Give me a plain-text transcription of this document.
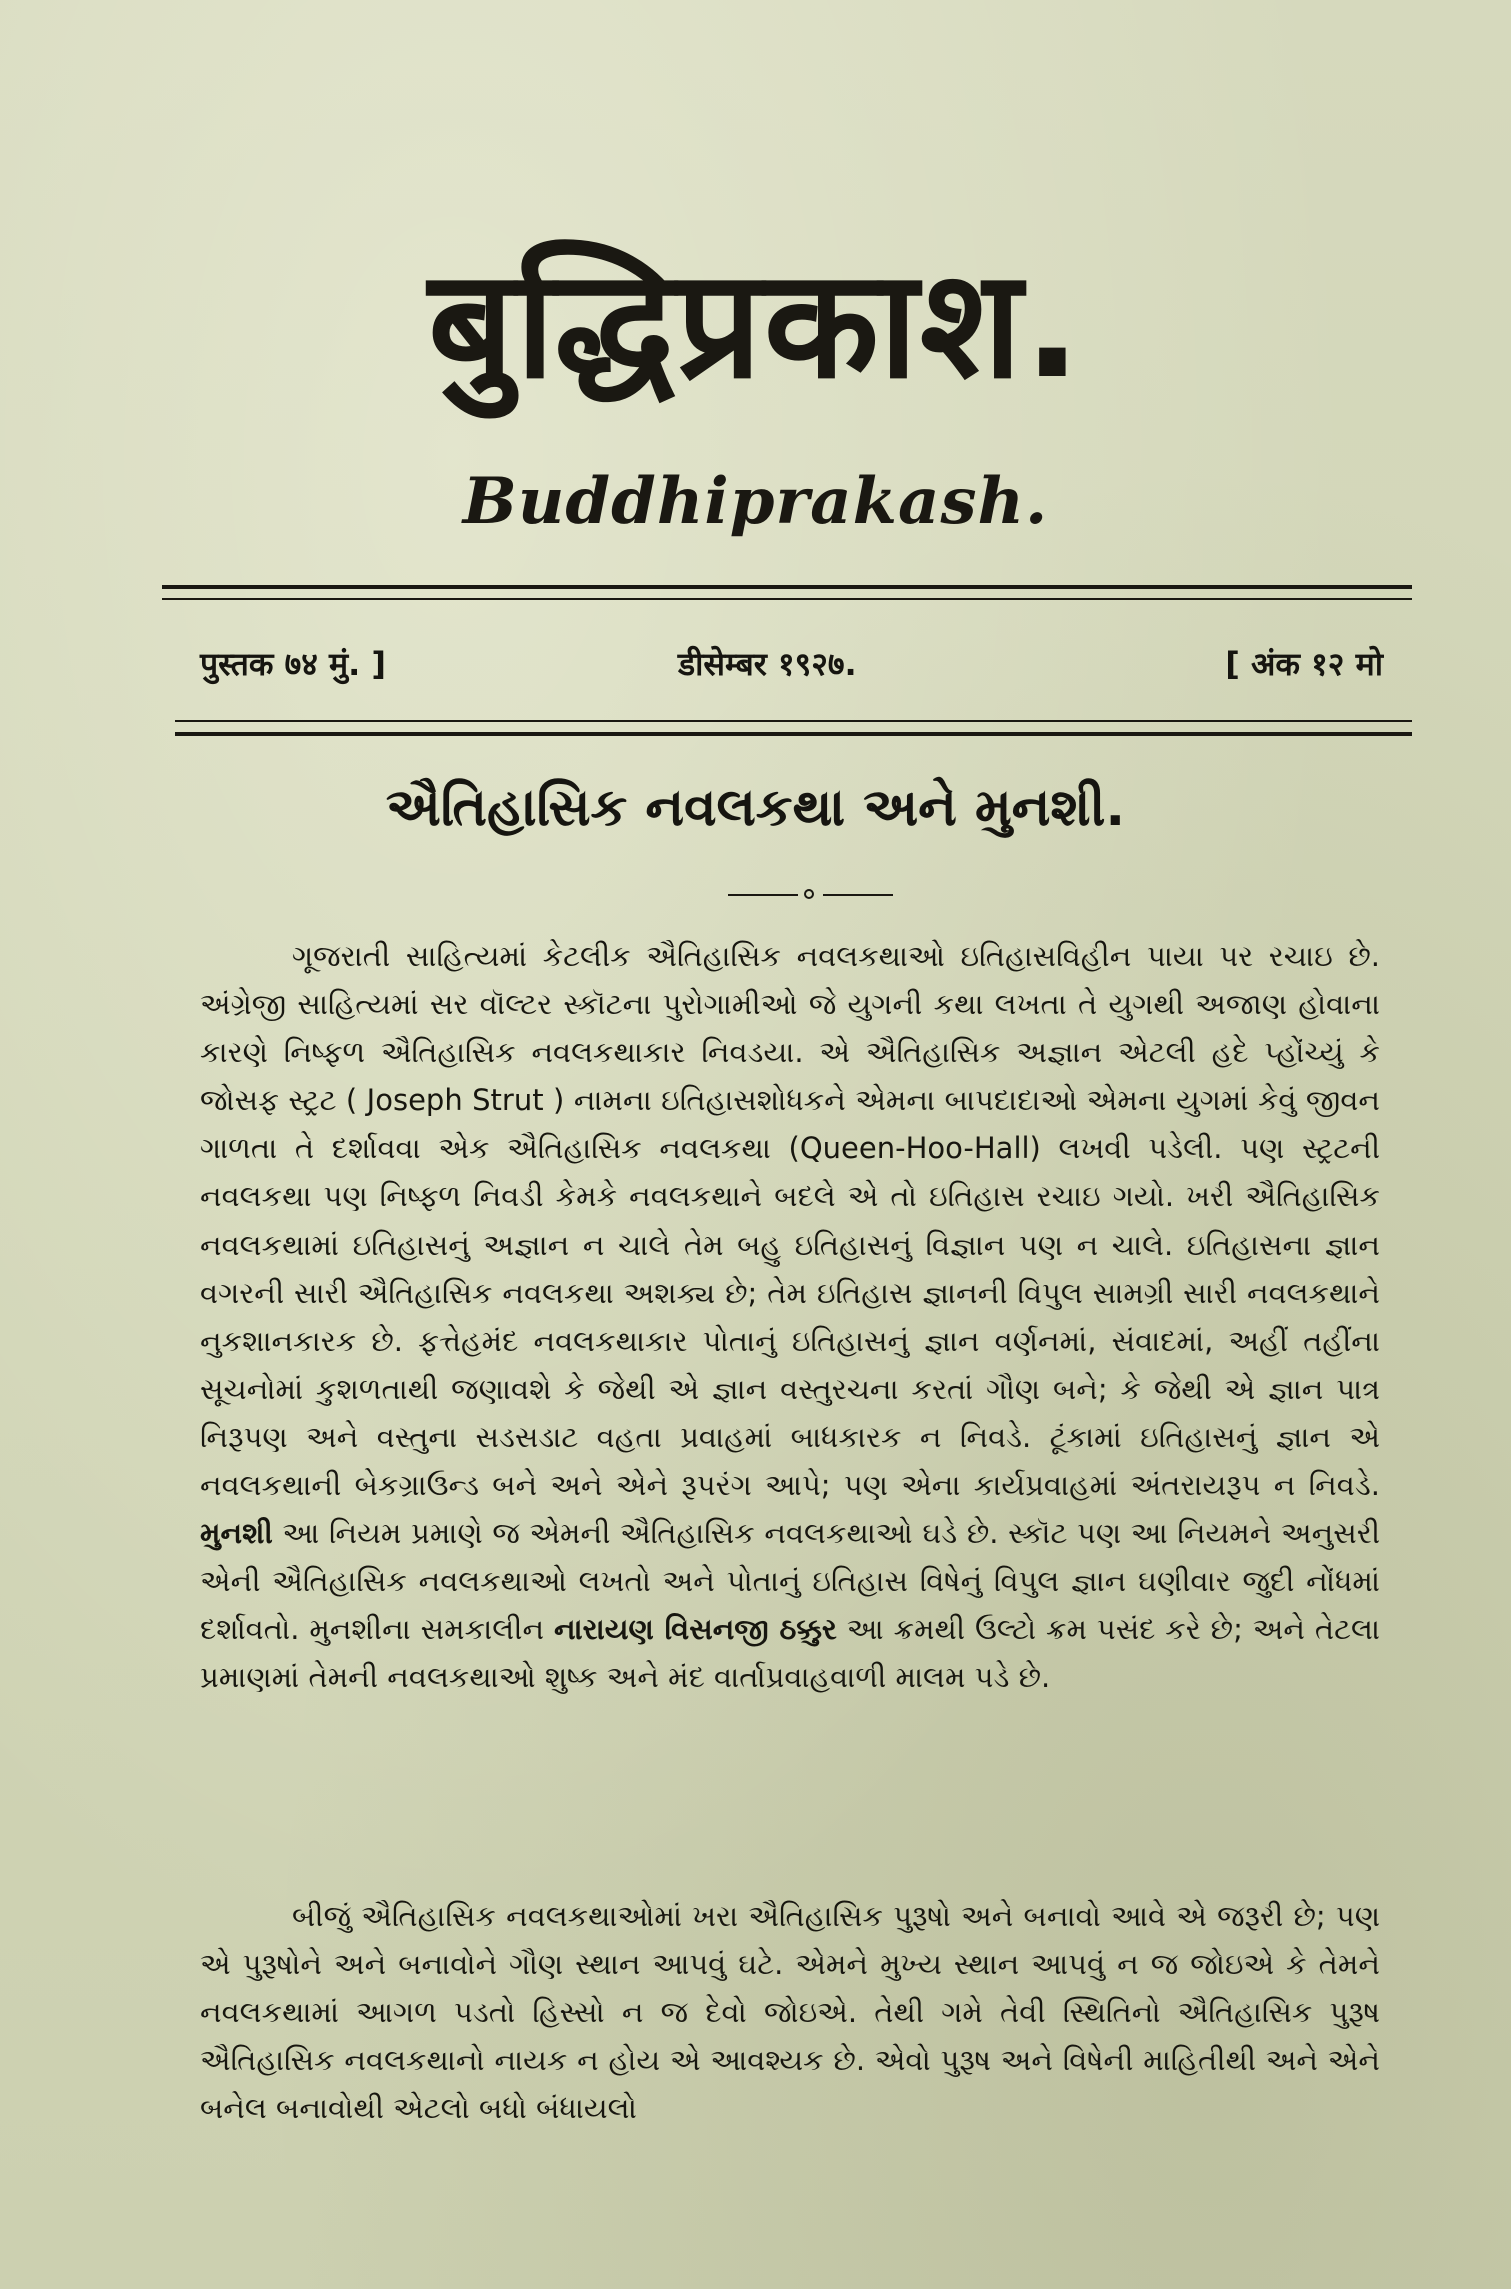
बुद्धिप्रकाश.
Buddhiprakash.
पुस्तक ७४ मुं. ]	डीसेम्बर १९२७.	[ अंक १२ मो
ઐતિહાસિક નવલકથા અને મુનશી.

ગૂજરાતી સાહિત્યમાં કેટલીક ઐતિહાસિક નવલકથાઓ ઇતિહાસવિહીન પાયા પર રચાઇ છે. અંગ્રેજી સાહિત્યમાં સર વૉલ્ટર સ્કૉટના પુરોગામીઓ જે યુગની કથા લખતા તે યુગથી અજાણ હોવાના કારણે નિષ્ફળ ઐતિહાસિક નવલકથાકાર નિવડયા. એ ઐતિહાસિક અજ્ઞાન એટલી હદે પ્હોંચ્યું કે જોસફ સ્ટ્રટ ( Joseph Strut ) નામના ઇતિહાસશોધકને એમના બાપદાદાઓ એમના યુગમાં કેવું જીવન ગાળતા તે દર્શાવવા એક ઐતિહાસિક નવલકથા (Queen-Hoo-Hall) લખવી પડેલી. પણ સ્ટ્રટની નવલકથા પણ નિષ્ફળ નિવડી કેમકે નવલકથાને બદલે એ તો ઇતિહાસ રચાઇ ગયો. ખરી ઐતિહાસિક નવલકથામાં ઇતિહાસનું અજ્ઞાન ન ચાલે તેમ બહુ ઇતિહાસનું વિજ્ઞાન પણ ન ચાલે. ઇતિહાસના જ્ઞાન વગરની સારી ઐતિહાસિક નવલકથા અશક્ય છે; તેમ ઇતિહાસ જ્ઞાનની વિપુલ સામગ્રી સારી નવલકથાને નુકશાનકારક છે. ફત્તેહમંદ નવલકથાકાર પોતાનું ઇતિહાસનું જ્ઞાન વર્ણનમાં, સંવાદમાં, અહીં તહીંના સૂચનોમાં કુશળતાથી જણાવશે કે જેથી એ જ્ઞાન વસ્તુરચના કરતાં ગૌણ બને; કે જેથી એ જ્ઞાન પાત્ર નિરૂપણ અને વસ્તુના સડસડાટ વહતા પ્રવાહમાં બાધકારક ન નિવડે. ટૂંકામાં ઇતિહાસનું જ્ઞાન એ નવલકથાની બેકગ્રાઉન્ડ બને અને એને રૂપરંગ આપે; પણ એના કાર્યપ્રવાહમાં અંતરાયરૂપ ન નિવડે. મુનશી આ નિયમ પ્રમાણે જ એમની ઐતિહાસિક નવલકથાઓ ઘડે છે. સ્કૉટ પણ આ નિયમને અનુસરી એની ઐતિહાસિક નવલકથાઓ લખતો અને પોતાનું ઇતિહાસ વિષેનું વિપુલ જ્ઞાન ઘણીવાર જુદી નોંધમાં દર્શાવતો. મુનશીના સમકાલીન નારાયણ વિસનજી ઠક્કુર આ ક્રમથી ઉલ્ટો ક્રમ પસંદ કરે છે; અને તેટલા પ્રમાણમાં તેમની નવલકથાઓ શુષ્ક અને મંદ વાર્તાપ્રવાહવાળી માલમ પડે છે.

બીજું ઐતિહાસિક નવલકથાઓમાં ખરા ઐતિહાસિક પુરૂષો અને બનાવો આવે એ જરૂરી છે; પણ એ પુરૂષોને અને બનાવોને ગૌણ સ્થાન આપવું ઘટે. એમને મુખ્ય સ્થાન આપવું ન જ જોઇએ કે તેમને નવલકથામાં આગળ પડતો હિસ્સો ન જ દેવો જોઇએ. તેથી ગમે તેવી સ્થિતિનો ઐતિહાસિક પુરૂષ ઐતિહાસિક નવલકથાનો નાયક ન હોય એ આવશ્યક છે. એવો પુરૂષ અને વિષેની માહિતીથી અને એને બનેલ બનાવોથી એટલો બધો બંધાયલો
